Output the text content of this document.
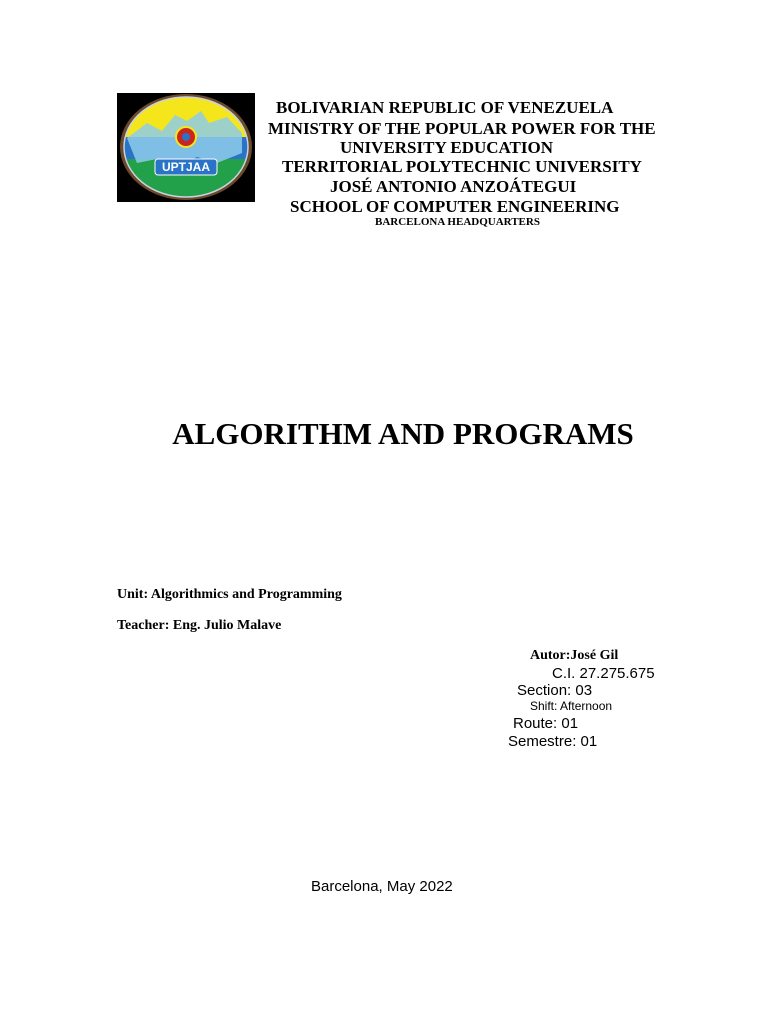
UPTJAA
BOLIVARIAN REPUBLIC OF VENEZUELA
MINISTRY OF THE POPULAR POWER FOR THE
UNIVERSITY EDUCATION
TERRITORIAL POLYTECHNIC UNIVERSITY
JOSÉ ANTONIO ANZOÁTEGUI
SCHOOL OF COMPUTER ENGINEERING
BARCELONA HEADQUARTERS
ALGORITHM AND PROGRAMS
Unit: Algorithmics and Programming
Teacher: Eng. Julio Malave
Autor:José Gil
C.I. 27.275.675
Section: 03
Shift: Afternoon
Route: 01
Semestre: 01
Barcelona, May 2022
